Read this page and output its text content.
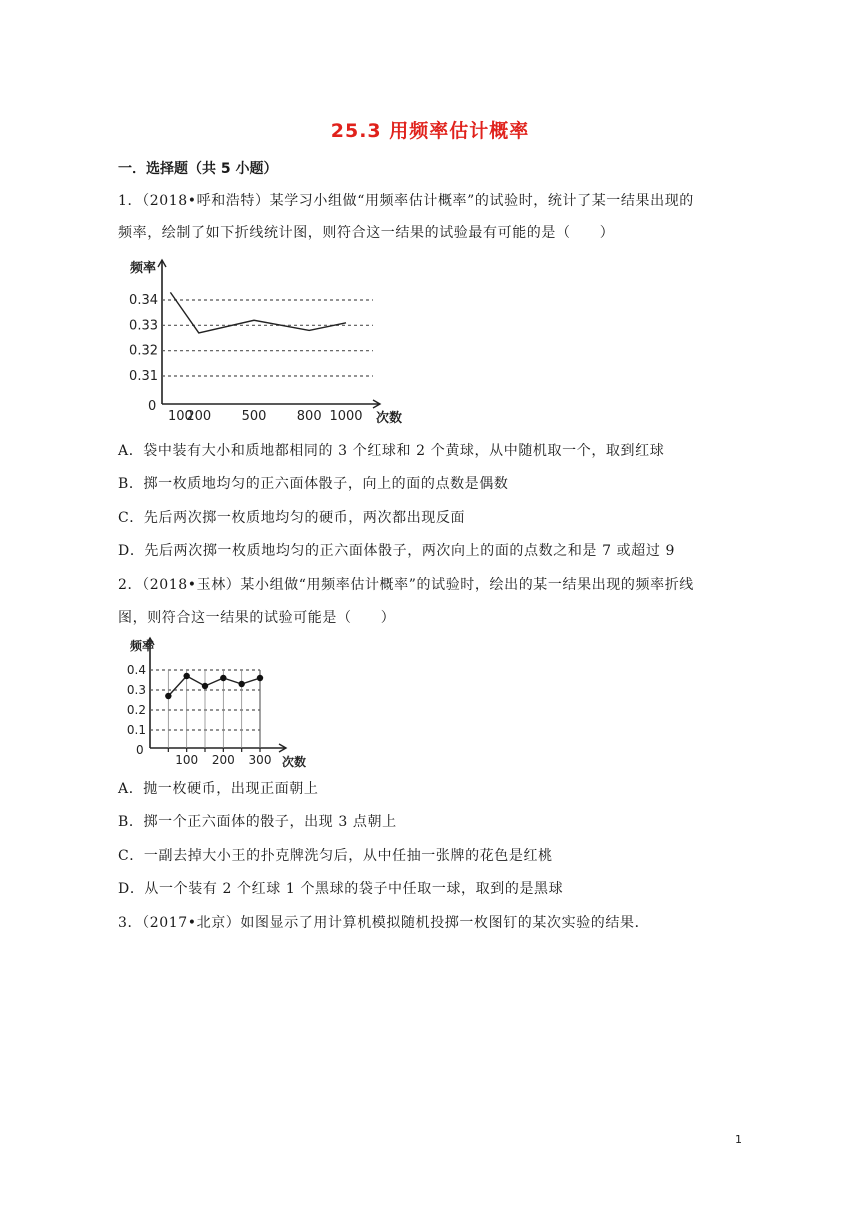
25.3 用频率估计概率
一．选择题（共 5 小题）
1．（2018•呼和浩特）某学习小组做“用频率估计概率”的试验时，统计了某一结果出现的
频率，绘制了如下折线统计图，则符合这一结果的试验最有可能的是（　　）
频率
次数
0
0.34
0.33
0.32
0.31
100
200 500 800 1000
A．袋中装有大小和质地都相同的 3 个红球和 2 个黄球，从中随机取一个，取到红球
B．掷一枚质地均匀的正六面体骰子，向上的面的点数是偶数
C．先后两次掷一枚质地均匀的硬币，两次都出现反面
D．先后两次掷一枚质地均匀的正六面体骰子，两次向上的面的点数之和是 7 或超过 9
2．（2018•玉林）某小组做“用频率估计概率”的试验时，绘出的某一结果出现的频率折线
图，则符合这一结果的试验可能是（　　）
频率
次数
0
0.4
0.3
0.2
0.1
100 200 300
A．抛一枚硬币，出现正面朝上
B．掷一个正六面体的骰子，出现 3 点朝上
C．一副去掉大小王的扑克牌洗匀后，从中任抽一张牌的花色是红桃
D．从一个装有 2 个红球 1 个黑球的袋子中任取一球，取到的是黑球
3．（2017•北京）如图显示了用计算机模拟随机投掷一枚图钉的某次实验的结果．
1
